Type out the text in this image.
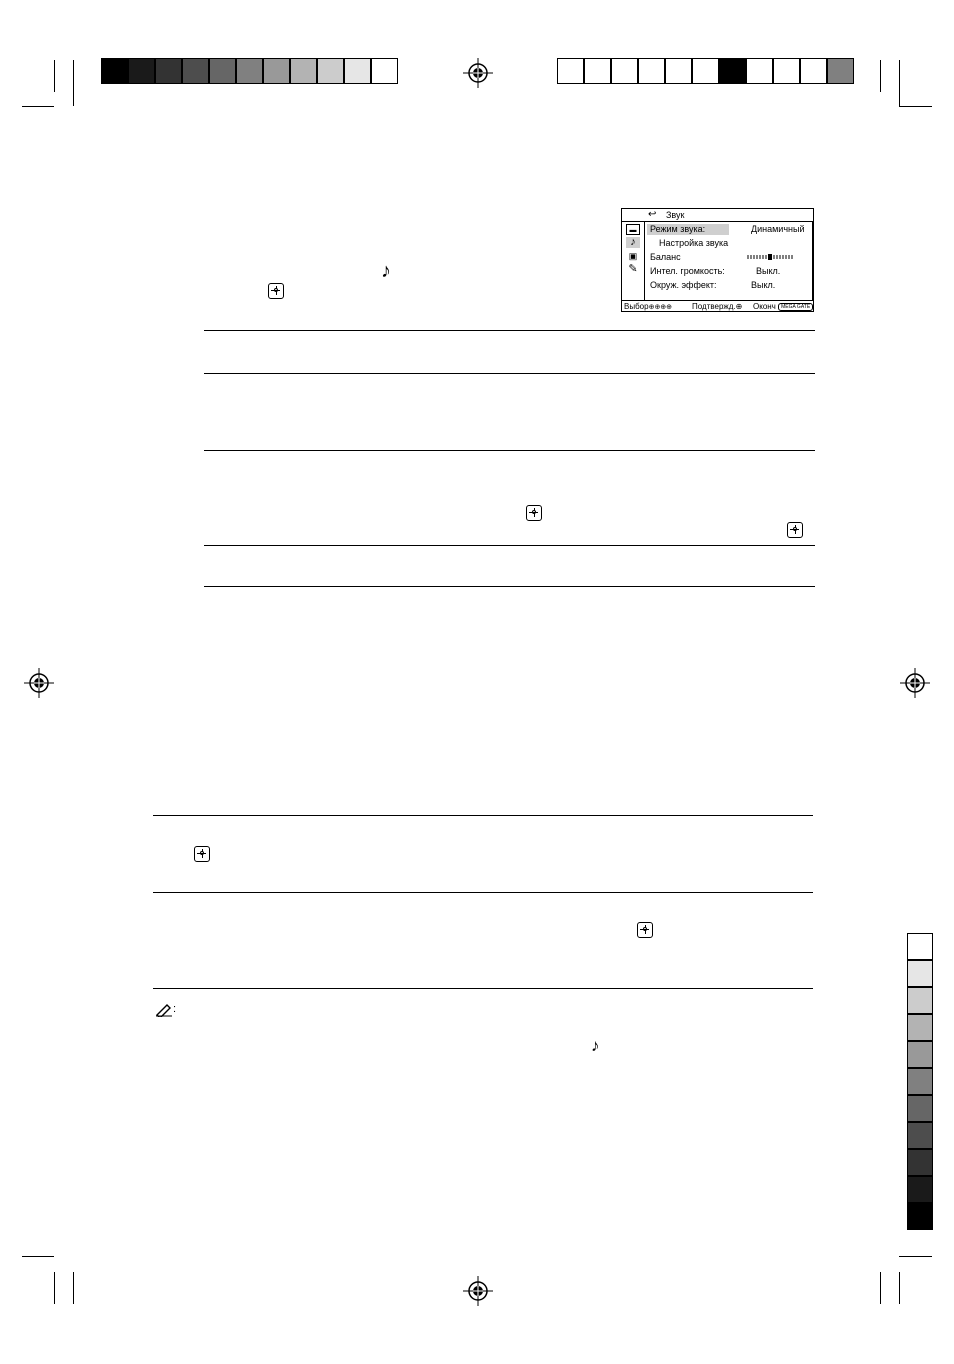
♪
↩ Звук
▬
♪
▣
✎
Режим звука:	Динамичный
Настройка звука
Баланс
Интел. громкость:	Выкл.
Окруж. эффект:	Выкл.
Выбор⊕⊕⊕⊕ Подтвержд.⊕ Оконч MEGA GATE
:
♪
